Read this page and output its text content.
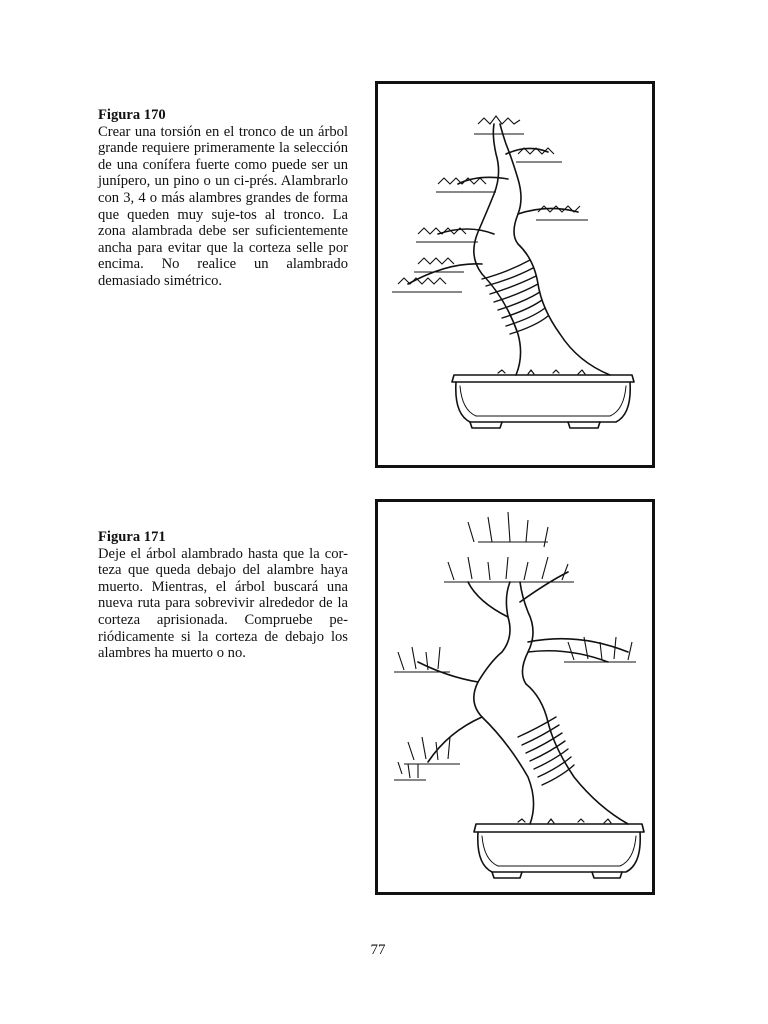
Figura 170
Crear una torsión en el tronco de un árbol grande requiere primeramente la selección de una conífera fuerte como puede ser un junípero, un pino o un ci-prés. Alambrarlo con 3, 4 o más alambres grandes de forma que queden muy suje-tos al tronco. La zona alambrada debe ser suficientemente ancha para evitar que la corteza selle por encima. No realice un alambrado demasiado simétrico.
Figura 171
Deje el árbol alambrado hasta que la cor-teza que queda debajo del alambre haya muerto. Mientras, el árbol buscará una nueva ruta para sobrevivir alrededor de la corteza aprisionada. Compruebe pe-riódicamente si la corteza de debajo los alambres ha muerto o no.
77
